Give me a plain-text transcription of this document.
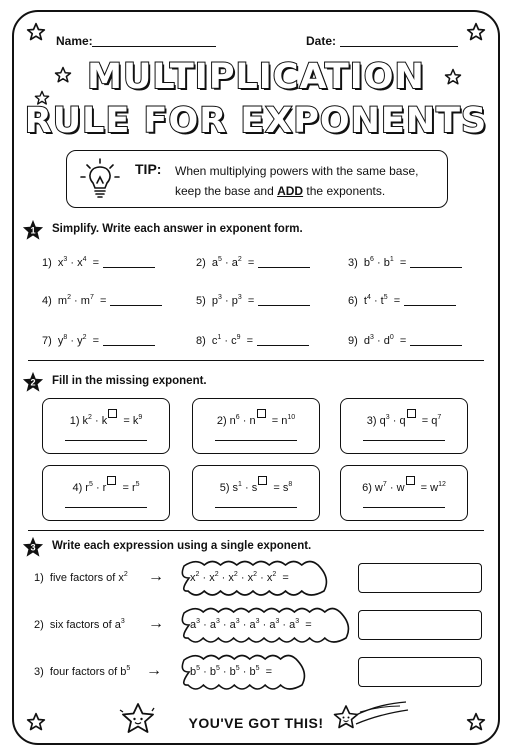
Name:	Date:
MULTIPLICATION
RULE FOR EXPONENTS
TIP: When multiplying powers with the same base,
keep the base and ADD the exponents.
1 Simplify. Write each answer in exponent form.
1) $x^3 \cdot x^4$ =	2) $a^5 \cdot a^2$ =	3) $b^6 \cdot b^1$ =
4) $m^2 \cdot m^7$ =	5) $p^3 \cdot p^3$ =	6) $t^4 \cdot t^5$ =
7) $y^8 \cdot y^2$ =	8) $c^1 \cdot c^9$ =	9) $d^3 \cdot d^0$ =
2 Fill in the missing exponent.
1) $k^2 \cdot k = k^9$	2) $n^6 \cdot n = n^{10}$	3) $q^3 \cdot q = q^7$
4) $r^5 \cdot r = r^5$	5) $s^1 \cdot s = s^8$	6) $w^7 \cdot w = w^{12}$
3 Write each expression using a single exponent.
1) five factors of $x^2 \to x^2 \cdot x^2 \cdot x^2 \cdot x^2 \cdot x^2$ =
2) six factors of $a^3 \to a^3 \cdot a^3 \cdot a^3 \cdot a^3 \cdot a^3 \cdot a^3$ =
3) four factors of $b^5$ →	$b^5 \cdot b^5 \cdot b^5 \cdot b^5$ =
YOU'VE GOT THIS!
